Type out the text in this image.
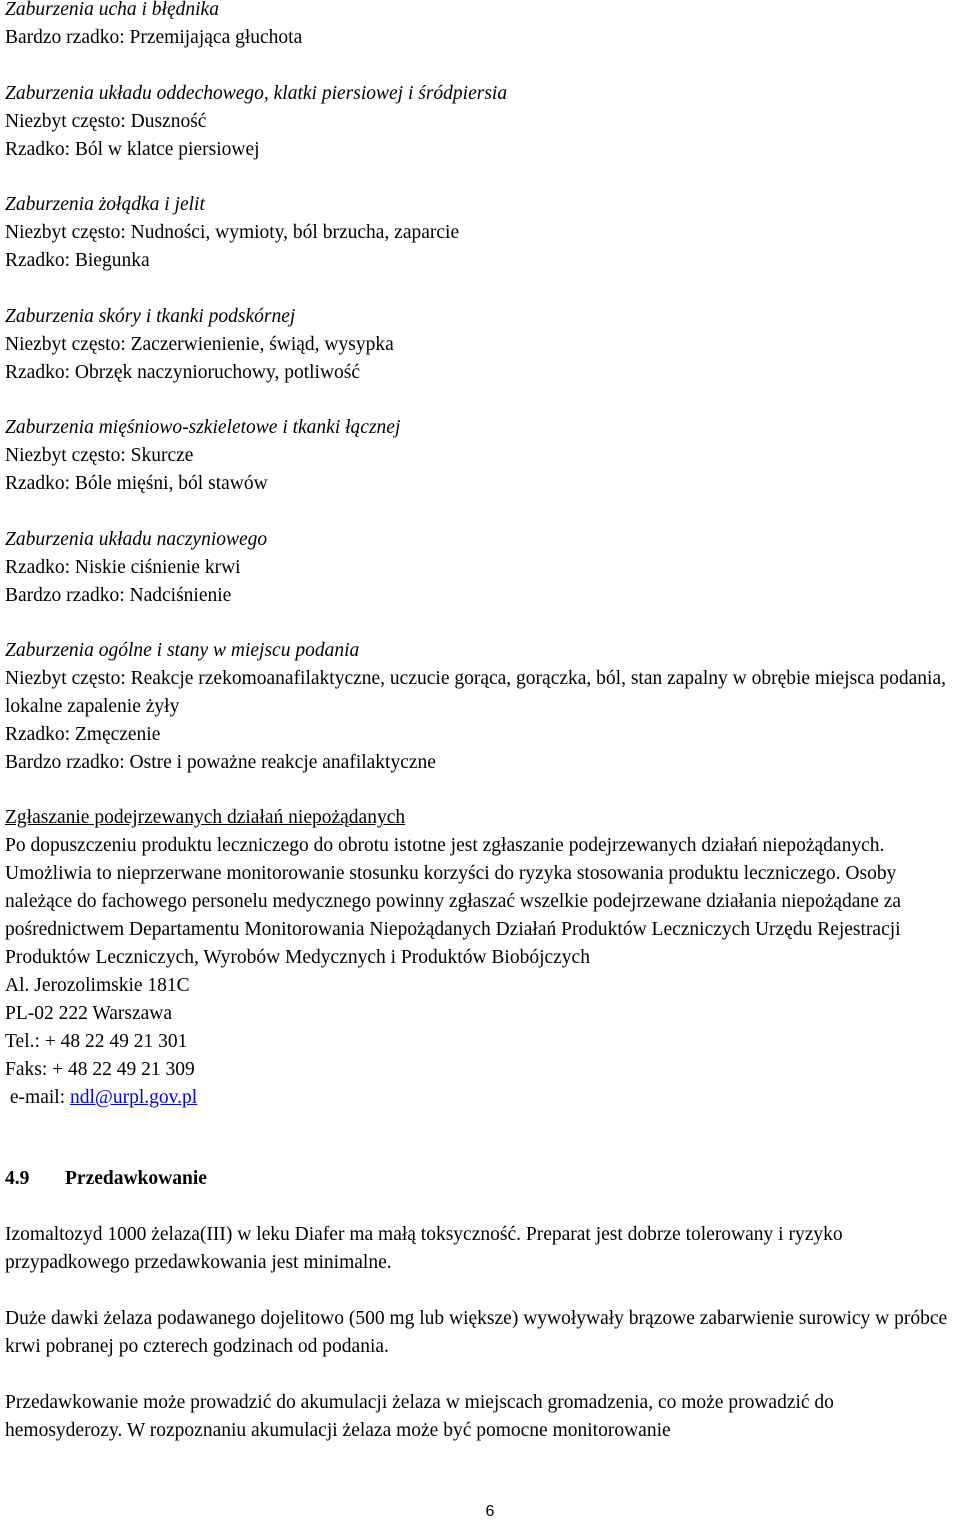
Zaburzenia ucha i błędnika

Bardzo rzadko: Przemijająca głuchota

Zaburzenia układu oddechowego, klatki piersiowej i śródpiersia

Niezbyt często: Duszność

Rzadko: Ból w klatce piersiowej

Zaburzenia żołądka i jelit

Niezbyt często: Nudności, wymioty, ból brzucha, zaparcie

Rzadko: Biegunka

Zaburzenia skóry i tkanki podskórnej

Niezbyt często: Zaczerwienienie, świąd, wysypka

Rzadko: Obrzęk naczynioruchowy, potliwość

Zaburzenia mięśniowo-szkieletowe i tkanki łącznej

Niezbyt często: Skurcze

Rzadko: Bóle mięśni, ból stawów

Zaburzenia układu naczyniowego

Rzadko: Niskie ciśnienie krwi

Bardzo rzadko: Nadciśnienie

Zaburzenia ogólne i stany w miejscu podania

Niezbyt często: Reakcje rzekomoanafilaktyczne, uczucie gorąca, gorączka, ból, stan zapalny w obrębie miejsca podania, lokalne zapalenie żyły

Rzadko: Zmęczenie

Bardzo rzadko: Ostre i poważne reakcje anafilaktyczne

Zgłaszanie podejrzewanych działań niepożądanych

Po dopuszczeniu produktu leczniczego do obrotu istotne jest zgłaszanie podejrzewanych działań niepożądanych. Umożliwia to nieprzerwane monitorowanie stosunku korzyści do ryzyka stosowania produktu leczniczego. Osoby należące do fachowego personelu medycznego powinny zgłaszać wszelkie podejrzewane działania niepożądane za pośrednictwem Departamentu Monitorowania Niepożądanych Działań Produktów Leczniczych Urzędu Rejestracji Produktów Leczniczych, Wyrobów Medycznych i Produktów Biobójczych

Al. Jerozolimskie 181C

PL-02 222 Warszawa

Tel.: + 48 22 49 21 301

Faks: + 48 22 49 21 309

e-mail: ndl@urpl.gov.pl

4.9 Przedawkowanie

Izomaltozyd 1000 żelaza(III) w leku Diafer ma małą toksyczność. Preparat jest dobrze tolerowany i ryzyko przypadkowego przedawkowania jest minimalne.

Duże dawki żelaza podawanego dojelitowo (500 mg lub większe) wywoływały brązowe zabarwienie surowicy w próbce krwi pobranej po czterech godzinach od podania.

Przedawkowanie może prowadzić do akumulacji żelaza w miejscach gromadzenia, co może prowadzić do hemosyderozy. W rozpoznaniu akumulacji żelaza może być pomocne monitorowanie

6
